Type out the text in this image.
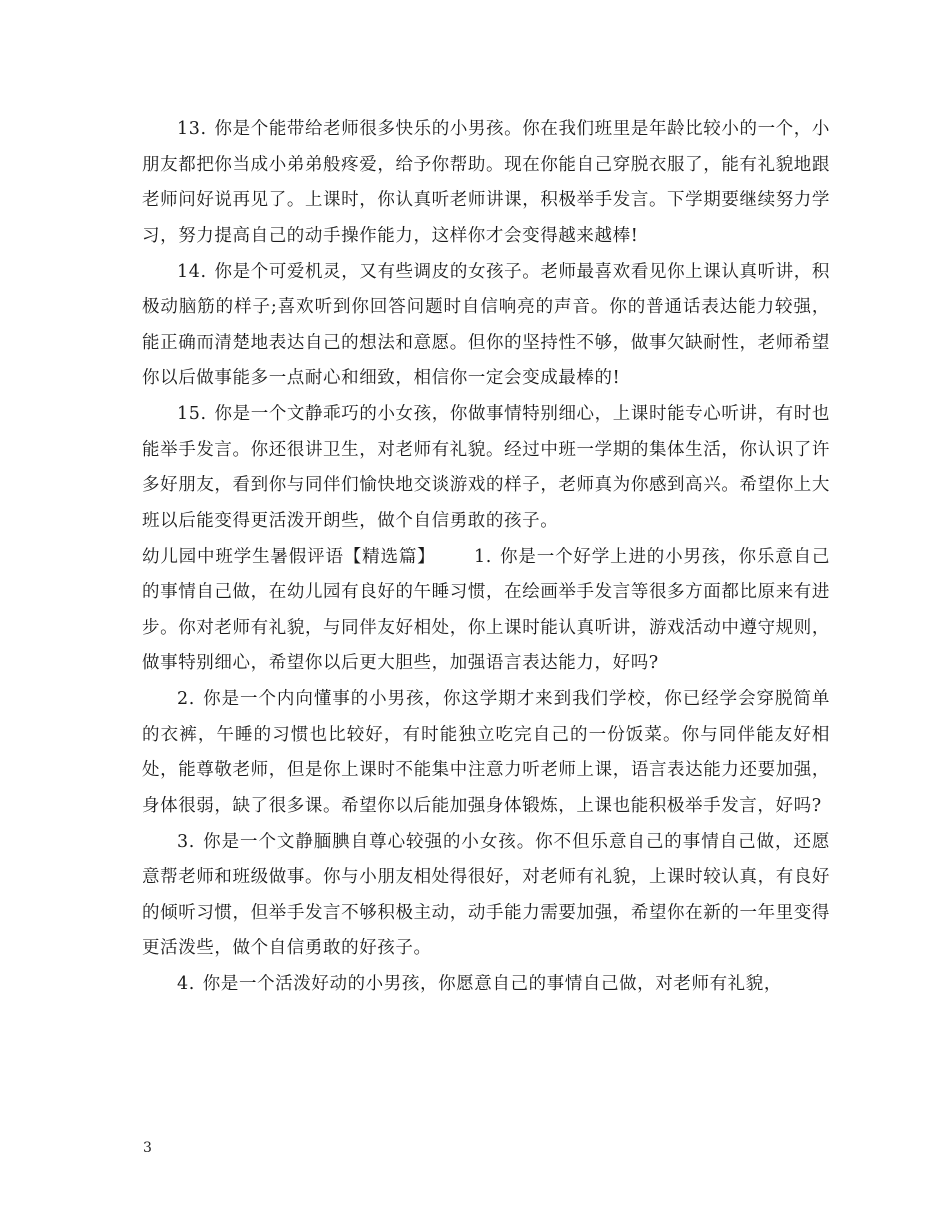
13. 你是个能带给老师很多快乐的小男孩。你在我们班里是年龄比较小的一个，小朋友都把你当成小弟弟般疼爱，给予你帮助。现在你能自己穿脱衣服了，能有礼貌地跟老师问好说再见了。上课时，你认真听老师讲课，积极举手发言。下学期要继续努力学习，努力提高自己的动手操作能力，这样你才会变得越来越棒!

14. 你是个可爱机灵，又有些调皮的女孩子。老师最喜欢看见你上课认真听讲，积极动脑筋的样子;喜欢听到你回答问题时自信响亮的声音。你的普通话表达能力较强，能正确而清楚地表达自己的想法和意愿。但你的坚持性不够，做事欠缺耐性，老师希望你以后做事能多一点耐心和细致，相信你一定会变成最棒的!

15. 你是一个文静乖巧的小女孩，你做事情特别细心，上课时能专心听讲，有时也能举手发言。你还很讲卫生，对老师有礼貌。经过中班一学期的集体生活，你认识了许多好朋友，看到你与同伴们愉快地交谈游戏的样子，老师真为你感到高兴。希望你上大班以后能变得更活泼开朗些，做个自信勇敢的孩子。

幼儿园中班学生暑假评语【精选篇】 1. 你是一个好学上进的小男孩，你乐意自己的事情自己做，在幼儿园有良好的午睡习惯，在绘画举手发言等很多方面都比原来有进步。你对老师有礼貌，与同伴友好相处，你上课时能认真听讲，游戏活动中遵守规则，做事特别细心，希望你以后更大胆些，加强语言表达能力，好吗?

2. 你是一个内向懂事的小男孩，你这学期才来到我们学校，你已经学会穿脱简单的衣裤，午睡的习惯也比较好，有时能独立吃完自己的一份饭菜。你与同伴能友好相处，能尊敬老师，但是你上课时不能集中注意力听老师上课，语言表达能力还要加强，身体很弱，缺了很多课。希望你以后能加强身体锻炼，上课也能积极举手发言，好吗?

3. 你是一个文静腼腆自尊心较强的小女孩。你不但乐意自己的事情自己做，还愿意帮老师和班级做事。你与小朋友相处得很好，对老师有礼貌，上课时较认真，有良好的倾听习惯，但举手发言不够积极主动，动手能力需要加强，希望你在新的一年里变得更活泼些，做个自信勇敢的好孩子。

4. 你是一个活泼好动的小男孩，你愿意自己的事情自己做，对老师有礼貌，

3
